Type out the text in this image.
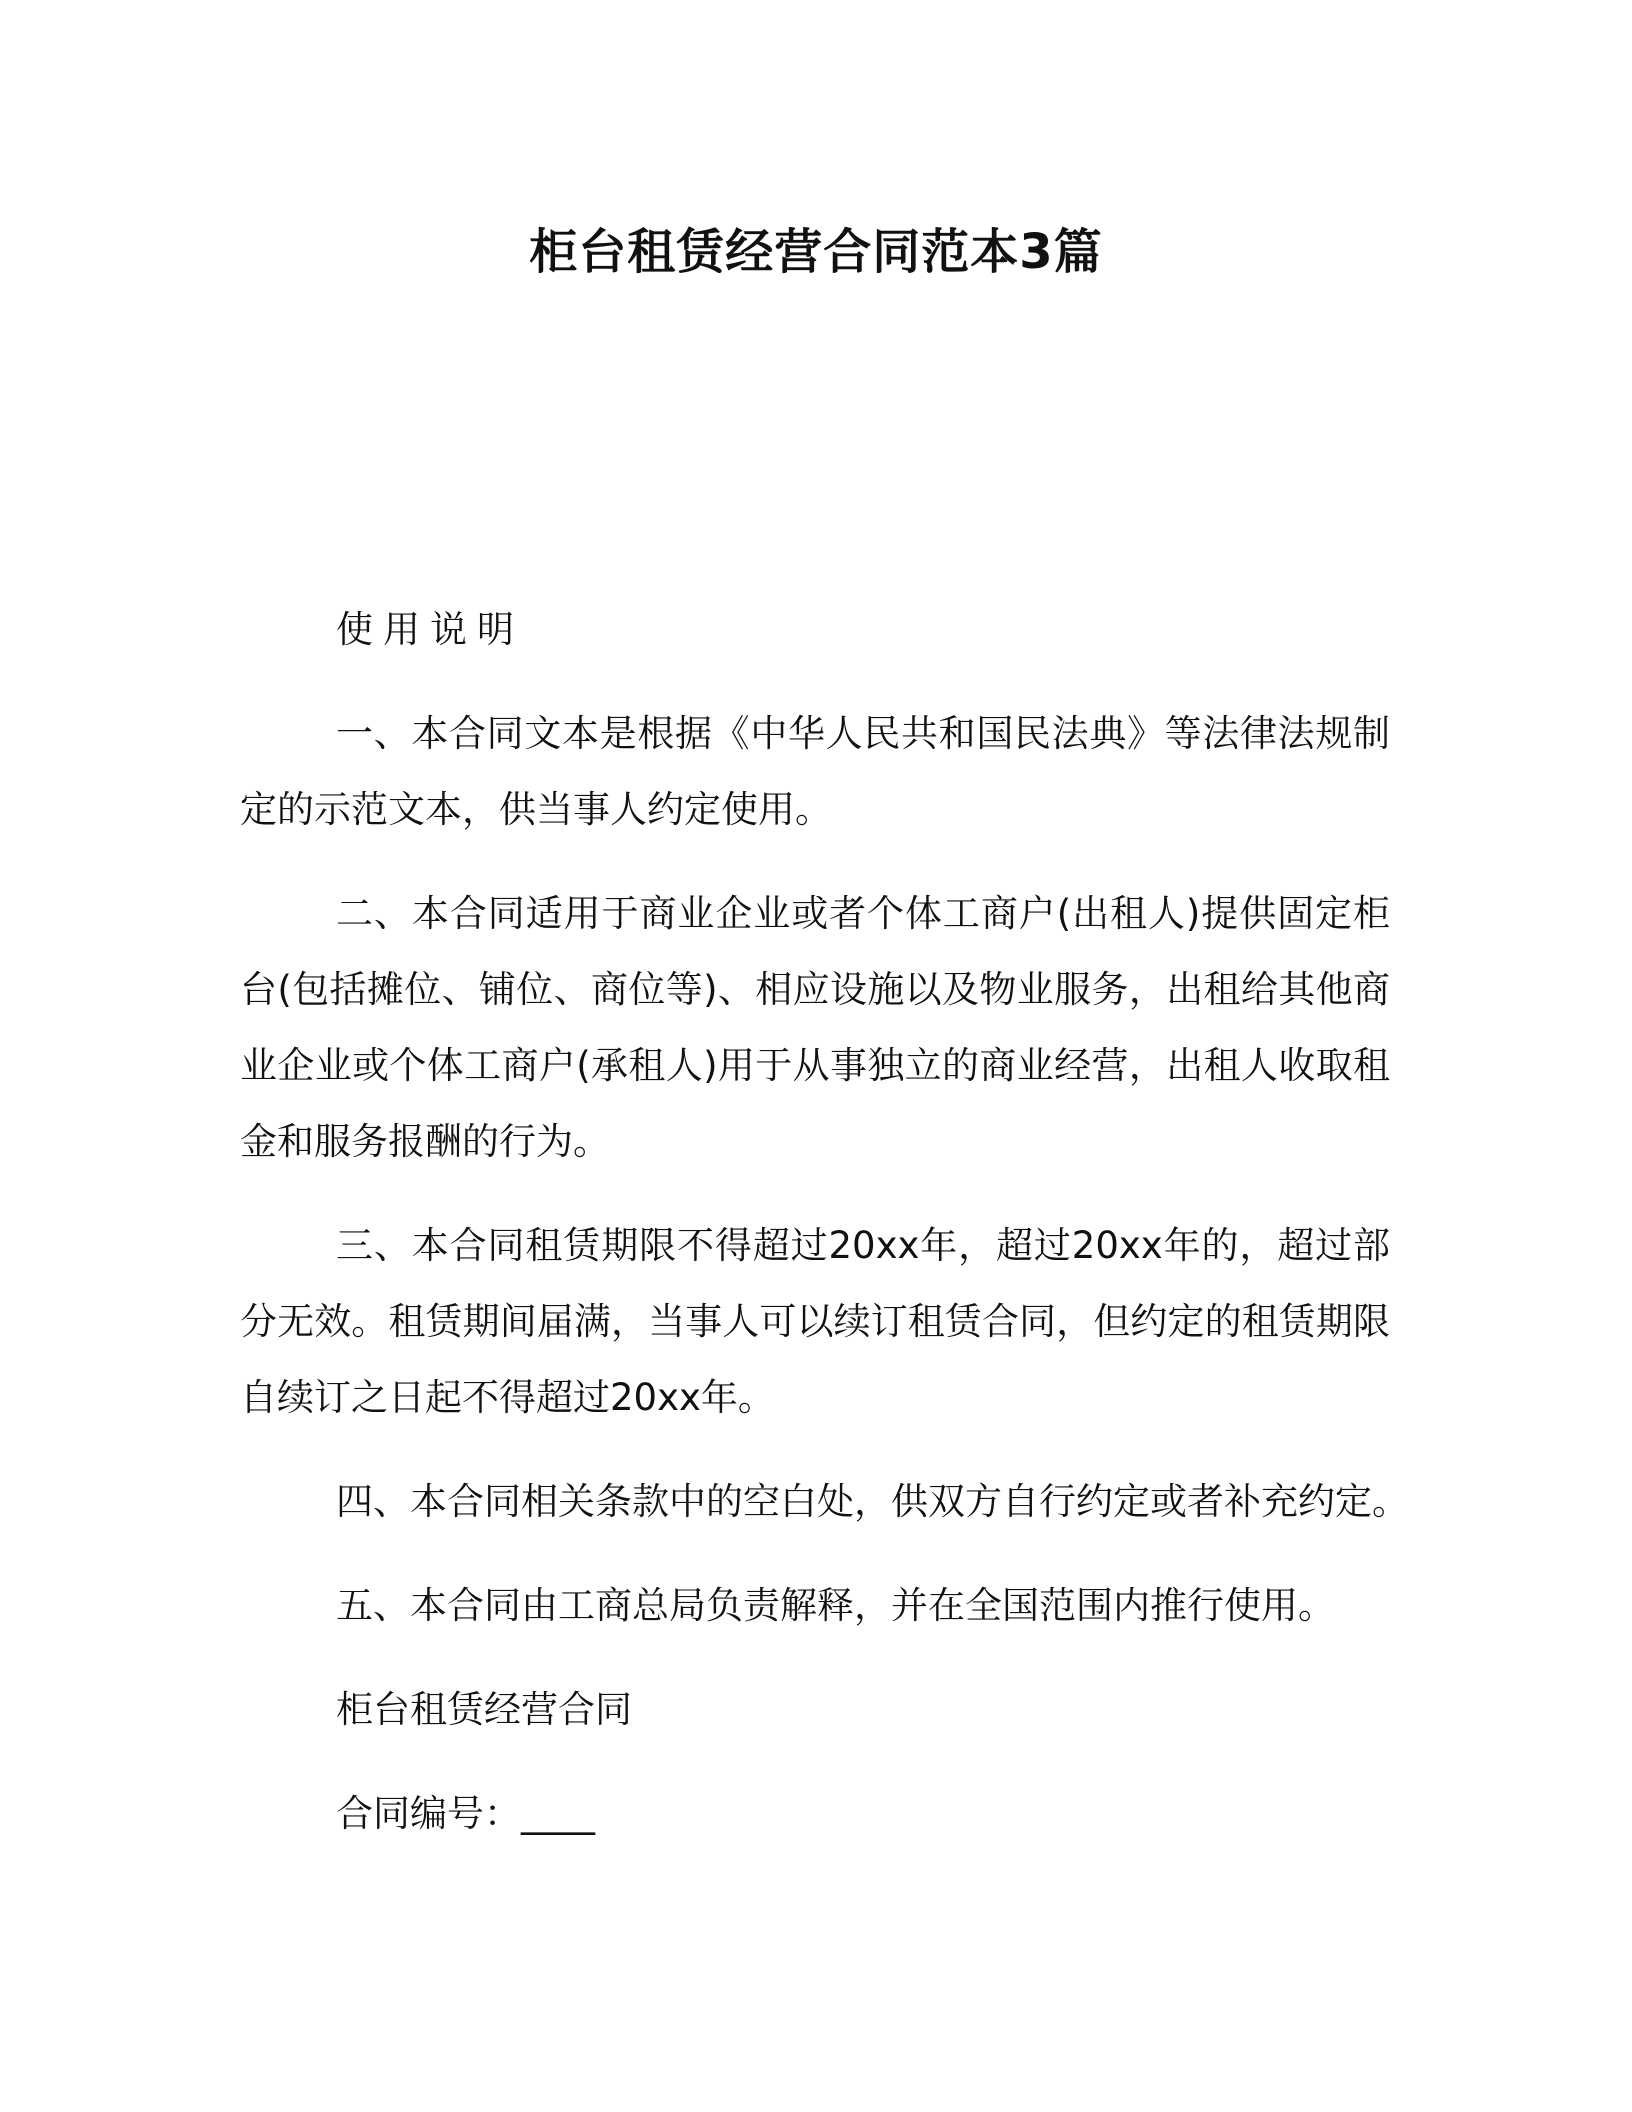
柜台租赁经营合同范本3篇

使用说明

一、本合同文本是根据《中华人民共和国民法典》等法律法规制定的示范文本，供当事人约定使用。

二、本合同适用于商业企业或者个体工商户(出租人)提供固定柜台(包括摊位、铺位、商位等)、相应设施以及物业服务，出租给其他商业企业或个体工商户(承租人)用于从事独立的商业经营，出租人收取租金和服务报酬的行为。

三、本合同租赁期限不得超过20xx年，超过20xx年的，超过部分无效。租赁期间届满，当事人可以续订租赁合同，但约定的租赁期限自续订之日起不得超过20xx年。

四、本合同相关条款中的空白处，供双方自行约定或者补充约定。

五、本合同由工商总局负责解释，并在全国范围内推行使用。

柜台租赁经营合同

合同编号：____
